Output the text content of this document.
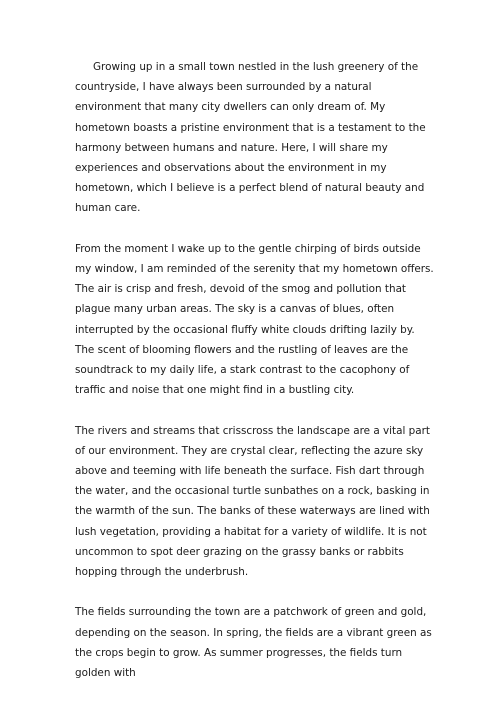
Growing up in a small town nestled in the lush greenery of the countryside, I have always been surrounded by a natural environment that many city dwellers can only dream of. My hometown boasts a pristine environment that is a testament to the harmony between humans and nature. Here, I will share my experiences and observations about the environment in my hometown, which I believe is a perfect blend of natural beauty and human care.

From the moment I wake up to the gentle chirping of birds outside my window, I am reminded of the serenity that my hometown offers. The air is crisp and fresh, devoid of the smog and pollution that plague many urban areas. The sky is a canvas of blues, often interrupted by the occasional fluffy white clouds drifting lazily by. The scent of blooming flowers and the rustling of leaves are the soundtrack to my daily life, a stark contrast to the cacophony of traffic and noise that one might find in a bustling city.

The rivers and streams that crisscross the landscape are a vital part of our environment. They are crystal clear, reflecting the azure sky above and teeming with life beneath the surface. Fish dart through the water, and the occasional turtle sunbathes on a rock, basking in the warmth of the sun. The banks of these waterways are lined with lush vegetation, providing a habitat for a variety of wildlife. It is not uncommon to spot deer grazing on the grassy banks or rabbits hopping through the underbrush.

The fields surrounding the town are a patchwork of green and gold, depending on the season. In spring, the fields are a vibrant green as the crops begin to grow. As summer progresses, the fields turn golden with
